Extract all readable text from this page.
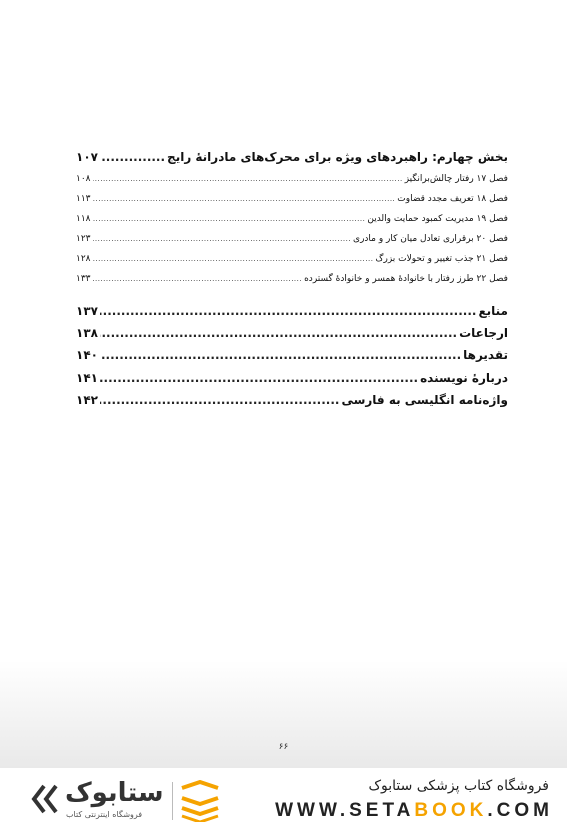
بخش چهارم: راهبردهای ویژه برای محرک‌های مادرانهٔ رایج
.....
۱۰۷
فصل ۱۷ رفتار چالش‌برانگیز
.....
۱۰۸
فصل ۱۸ تعریف مجدد قضاوت
.....
۱۱۳
فصل ۱۹ مدیریت کمبود حمایت والدین
.....
۱۱۸
فصل ۲۰ برقراری تعادل میان کار و مادری
.....
۱۲۳
فصل ۲۱ جذب تغییر و تحولات بزرگ
.....
۱۲۸
فصل ۲۲ طرز رفتار با خانوادهٔ همسر و خانوادهٔ گسترده
.....
۱۳۳
منابع
.....
۱۳۷
ارجاعات
.....
۱۳۸
تقدیرها
.....
۱۴۰
دربارهٔ نویسنده
.....
۱۴۱
واژه‌نامه انگلیسی به فارسی
.....
۱۴۲
۶۶
فروشگاه کتاب پزشکی ستابوک
WWW.SETABOOK.COM
ستابوک
فروشگاه اینترنتی کتاب
